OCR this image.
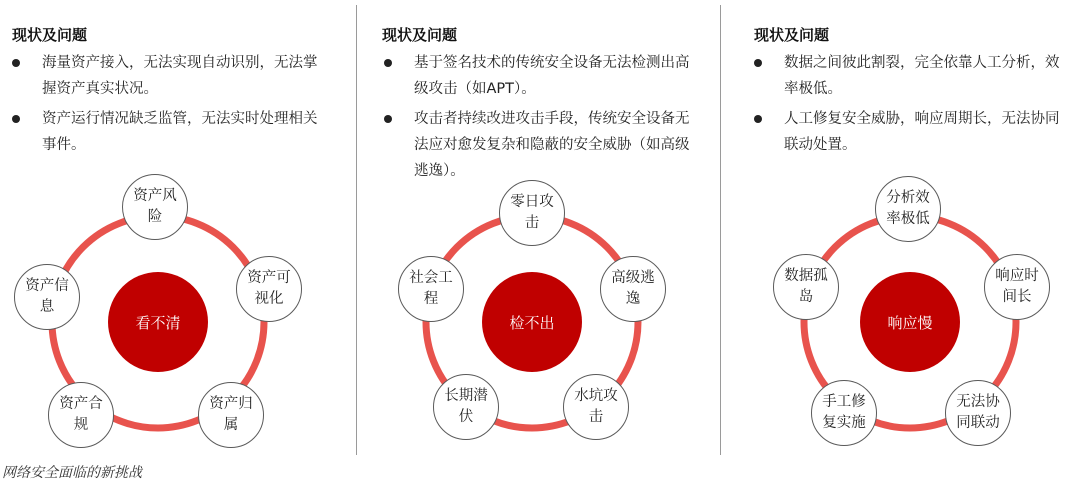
现状及问题
海量资产接入，无法实现自动识别，无法掌握资产真实状况。
资产运行情况缺乏监管，无法实时处理相关事件。
看不清
资产风险
资产可视化
资产归属
资产合规
资产信息
现状及问题
基于签名技术的传统安全设备无法检测出高级攻击（如APT）。
攻击者持续改进攻击手段，传统安全设备无法应对愈发复杂和隐蔽的安全威胁（如高级逃逸）。
检不出
零日攻击
高级逃逸
水坑攻击
长期潜伏
社会工程
现状及问题
数据之间彼此割裂，完全依靠人工分析，效率极低。
人工修复安全威胁，响应周期长，无法协同联动处置。
响应慢
分析效率极低
响应时间长
无法协同联动
手工修复实施
数据孤岛
网络安全面临的新挑战
